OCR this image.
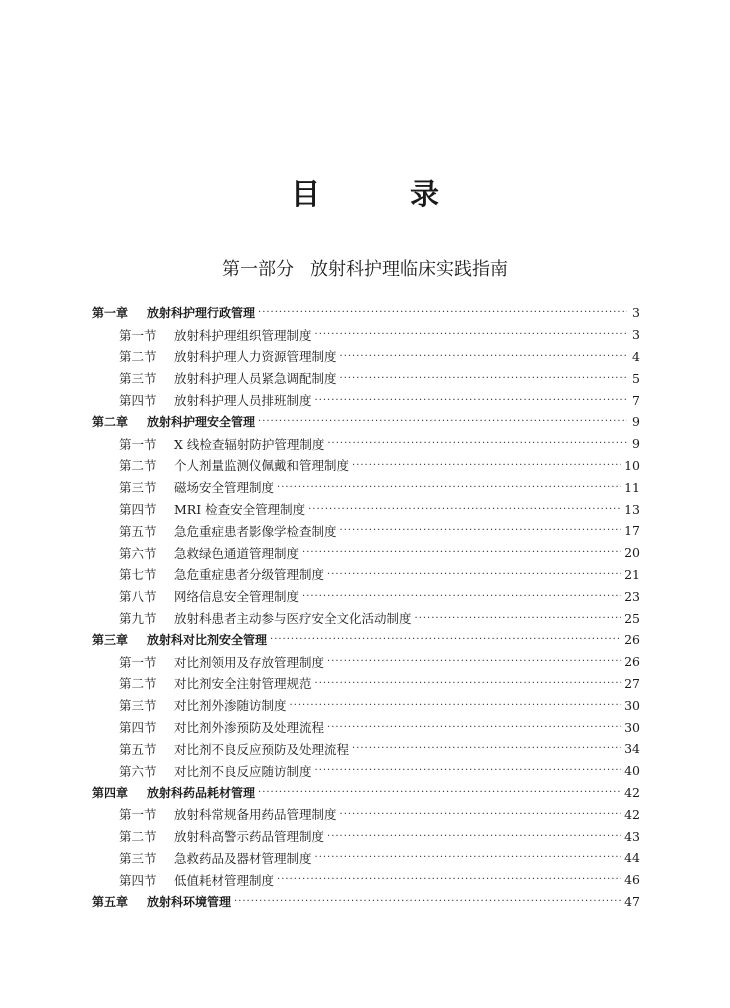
目 录
第一部分 放射科护理临床实践指南
第一章	放射科护理行政管理 ·····	3
第一节	放射科护理组织管理制度 ·····	3
第二节	放射科护理人力资源管理制度 ·····	4
第三节	放射科护理人员紧急调配制度 ·····	5
第四节	放射科护理人员排班制度 ·····	7
第二章	放射科护理安全管理 ·····	9
第一节	X 线检查辐射防护管理制度 ·····	9
第二节	个人剂量监测仪佩戴和管理制度 ·····	10
第三节	磁场安全管理制度 ·····	11
第四节	MRI 检查安全管理制度 ·····	13
第五节	急危重症患者影像学检查制度 ·····	17
第六节	急救绿色通道管理制度 ·····	20
第七节	急危重症患者分级管理制度 ·····	21
第八节	网络信息安全管理制度 ·····	23
第九节	放射科患者主动参与医疗安全文化活动制度 ·····	25
第三章	放射科对比剂安全管理 ·····	26
第一节	对比剂领用及存放管理制度 ·····	26
第二节	对比剂安全注射管理规范 ·····	27
第三节	对比剂外渗随访制度 ·····	30
第四节	对比剂外渗预防及处理流程 ·····	30
第五节	对比剂不良反应预防及处理流程 ·····	34
第六节	对比剂不良反应随访制度 ·····	40
第四章	放射科药品耗材管理 ·····	42
第一节	放射科常规备用药品管理制度 ·····	42
第二节	放射科高警示药品管理制度 ·····	43
第三节	急救药品及器材管理制度 ·····	44
第四节	低值耗材管理制度 ·····	46
第五章	放射科环境管理 ·····	47
